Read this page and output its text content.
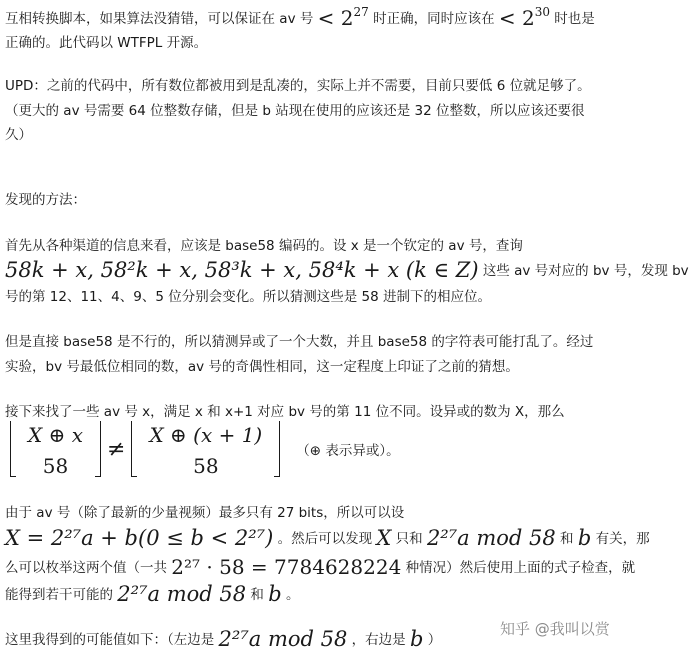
互相转换脚本，如果算法没猜错，可以保证在 av 号 < $2^{27}$ 时正确，同时应该在 < $2^{30}$ 时也是
正确的。此代码以 WTFPL 开源。
UPD：之前的代码中，所有数位都被用到是乱凑的，实际上并不需要，目前只要低 6 位就足够了。
（更大的 av 号需要 64 位整数存储，但是 b 站现在使用的应该还是 32 位整数，所以应该还要很
久）
发现的方法：
首先从各种渠道的信息来看，应该是 base58 编码的。设 x 是一个钦定的 av 号，查询
58k + x, 58²k + x, 58³k + x, 58⁴k + x (k ∈ Z) 这些 av 号对应的 bv 号，发现 bv
号的第 12、11、4、9、5 位分别会变化。所以猜测这些是 58 进制下的相应位。
但是直接 base58 是不行的，所以猜测异或了一个大数，并且 base58 的字符表可能打乱了。经过
实验，bv 号最低位相同的数，av 号的奇偶性相同，这一定程度上印证了之前的猜想。
接下来找了一些 av 号 x，满足 x 和 x+1 对应 bv 号的第 11 位不同。设异或的数为 X，那么
$\frac{X \oplus x}{58} \ne \frac{X \oplus (x + 1)}{58}$ （⊕ 表示异或）。
由于 av 号（除了最新的少量视频）最多只有 27 bits，所以可以设
X = 2²⁷a + b(0 ≤ b < 2²⁷) 。然后可以发现 X 只和 2²⁷a mod 58 和 b 有关，那
么可以枚举这两个值（一共 2²⁷ · 58 = 7784628224 种情况）然后使用上面的式子检查，就
能得到若干可能的 2²⁷a mod 58 和 b 。
这里我得到的可能值如下：（左边是 2²⁷a mod 58 ，右边是 b ）
知乎 @我叫以赏
